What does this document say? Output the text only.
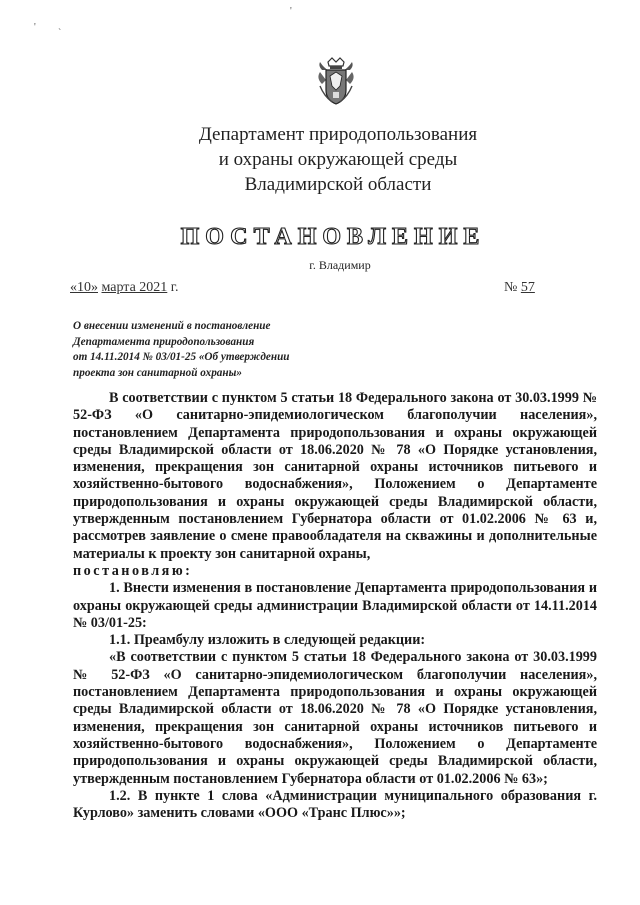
'
`
'
Департамент природопользования
и охраны окружающей среды
Владимирской области
ПОСТАНОВЛЕНИЕ
г. Владимир
«10» марта 2021 г.	№ 57
О внесении изменений в постановление
Департамента природопользования
от 14.11.2014 № 03/01-25 «Об утверждении
проекта зон санитарной охраны»

В соответствии с пунктом 5 статьи 18 Федерального закона от 30.03.1999 № 52-ФЗ «О санитарно-эпидемиологическом благополучии населения», постановлением Департамента природопользования и охраны окружающей среды Владимирской области от 18.06.2020 № 78 «О Порядке установления, изменения, прекращения зон санитарной охраны источников питьевого и хозяйственно-бытового водоснабжения», Положением о Департаменте природопользования и охраны окружающей среды Владимирской области, утвержденным постановлением Губернатора области от 01.02.2006 № 63 и, рассмотрев заявление о смене правообладателя на скважины и дополнительные материалы к проекту зон санитарной охраны,

постановляю:

1. Внести изменения в постановление Департамента природопользования и охраны окружающей среды администрации Владимирской области от 14.11.2014 № 03/01-25:

1.1. Преамбулу изложить в следующей редакции:

«В соответствии с пунктом 5 статьи 18 Федерального закона от 30.03.1999 № 52-ФЗ «О санитарно-эпидемиологическом благополучии населения», постановлением Департамента природопользования и охраны окружающей среды Владимирской области от 18.06.2020 № 78 «О Порядке установления, изменения, прекращения зон санитарной охраны источников питьевого и хозяйственно-бытового водоснабжения», Положением о Департаменте природопользования и охраны окружающей среды Владимирской области, утвержденным постановлением Губернатора области от 01.02.2006 № 63»;

1.2. В пункте 1 слова «Администрации муниципального образования г. Курлово» заменить словами «ООО «Транс Плюс»»;
